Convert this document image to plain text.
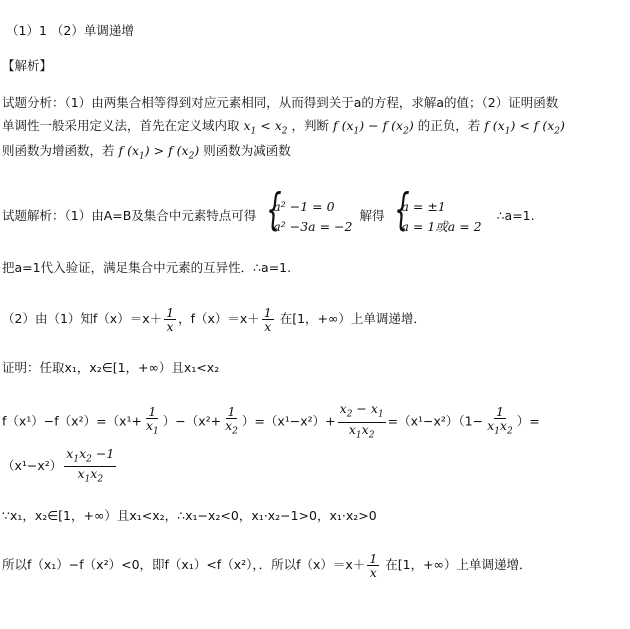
（1）1 （2）单调递增
【解析】
试题分析：（1）由两集合相等得到对应元素相同，从而得到关于a的方程，求解a的值；（2）证明函数
单调性一般采用定义法，首先在定义域内取 $x_1 < x_2$ ，判断 f $(x_1) - f$ $(x_2)$ 的正负，若 f $(x_1) < f$ $(x_2)$
则函数为增函数，若 f $(x_1) > f$ $(x_2)$ 则函数为减函数
试题解析：（1）由A=B及集合中元素特点可得
{ a² −1 = 0
a² −3a = −2
解得
{ a = ±1
a = 1或a = 2
∴a=1.
把a=1代入验证，满足集合中元素的互异性．∴a=1.
（2）由（1）知$f(x)=x+ \frac{1}{x}$ ，$f(x)=x+ \frac{1}{x}$ 在[1，+∞）上单调递增．
证明：任取x₁，x₂∈[1，+∞）且x₁<x₂
$f(x^1)-f(x^2)=(x^1+ \frac{1}{x_1} )-(x^2+ \frac{1}{x_2} )=(x^1-x^2)+ \frac{x_2 - x_1}{x_1x_2} =(x^1-x^2)(1- \frac{1}{x_1x_2}$ ）=
$(x^1-x^2) \frac{x_1x_2 -1}{x_1x_2}$
∵x₁，x₂∈[1，+∞）且x₁<x₂，∴x₁−x₂<0，x₁·x₂−1>0，x₁·x₂>0
所以f（x₁）−f（x²）<0，即f（x₁）<f（x²），．所以$f(x)=x+ \frac{1}{x}$ 在[1，+∞）上单调递增．
